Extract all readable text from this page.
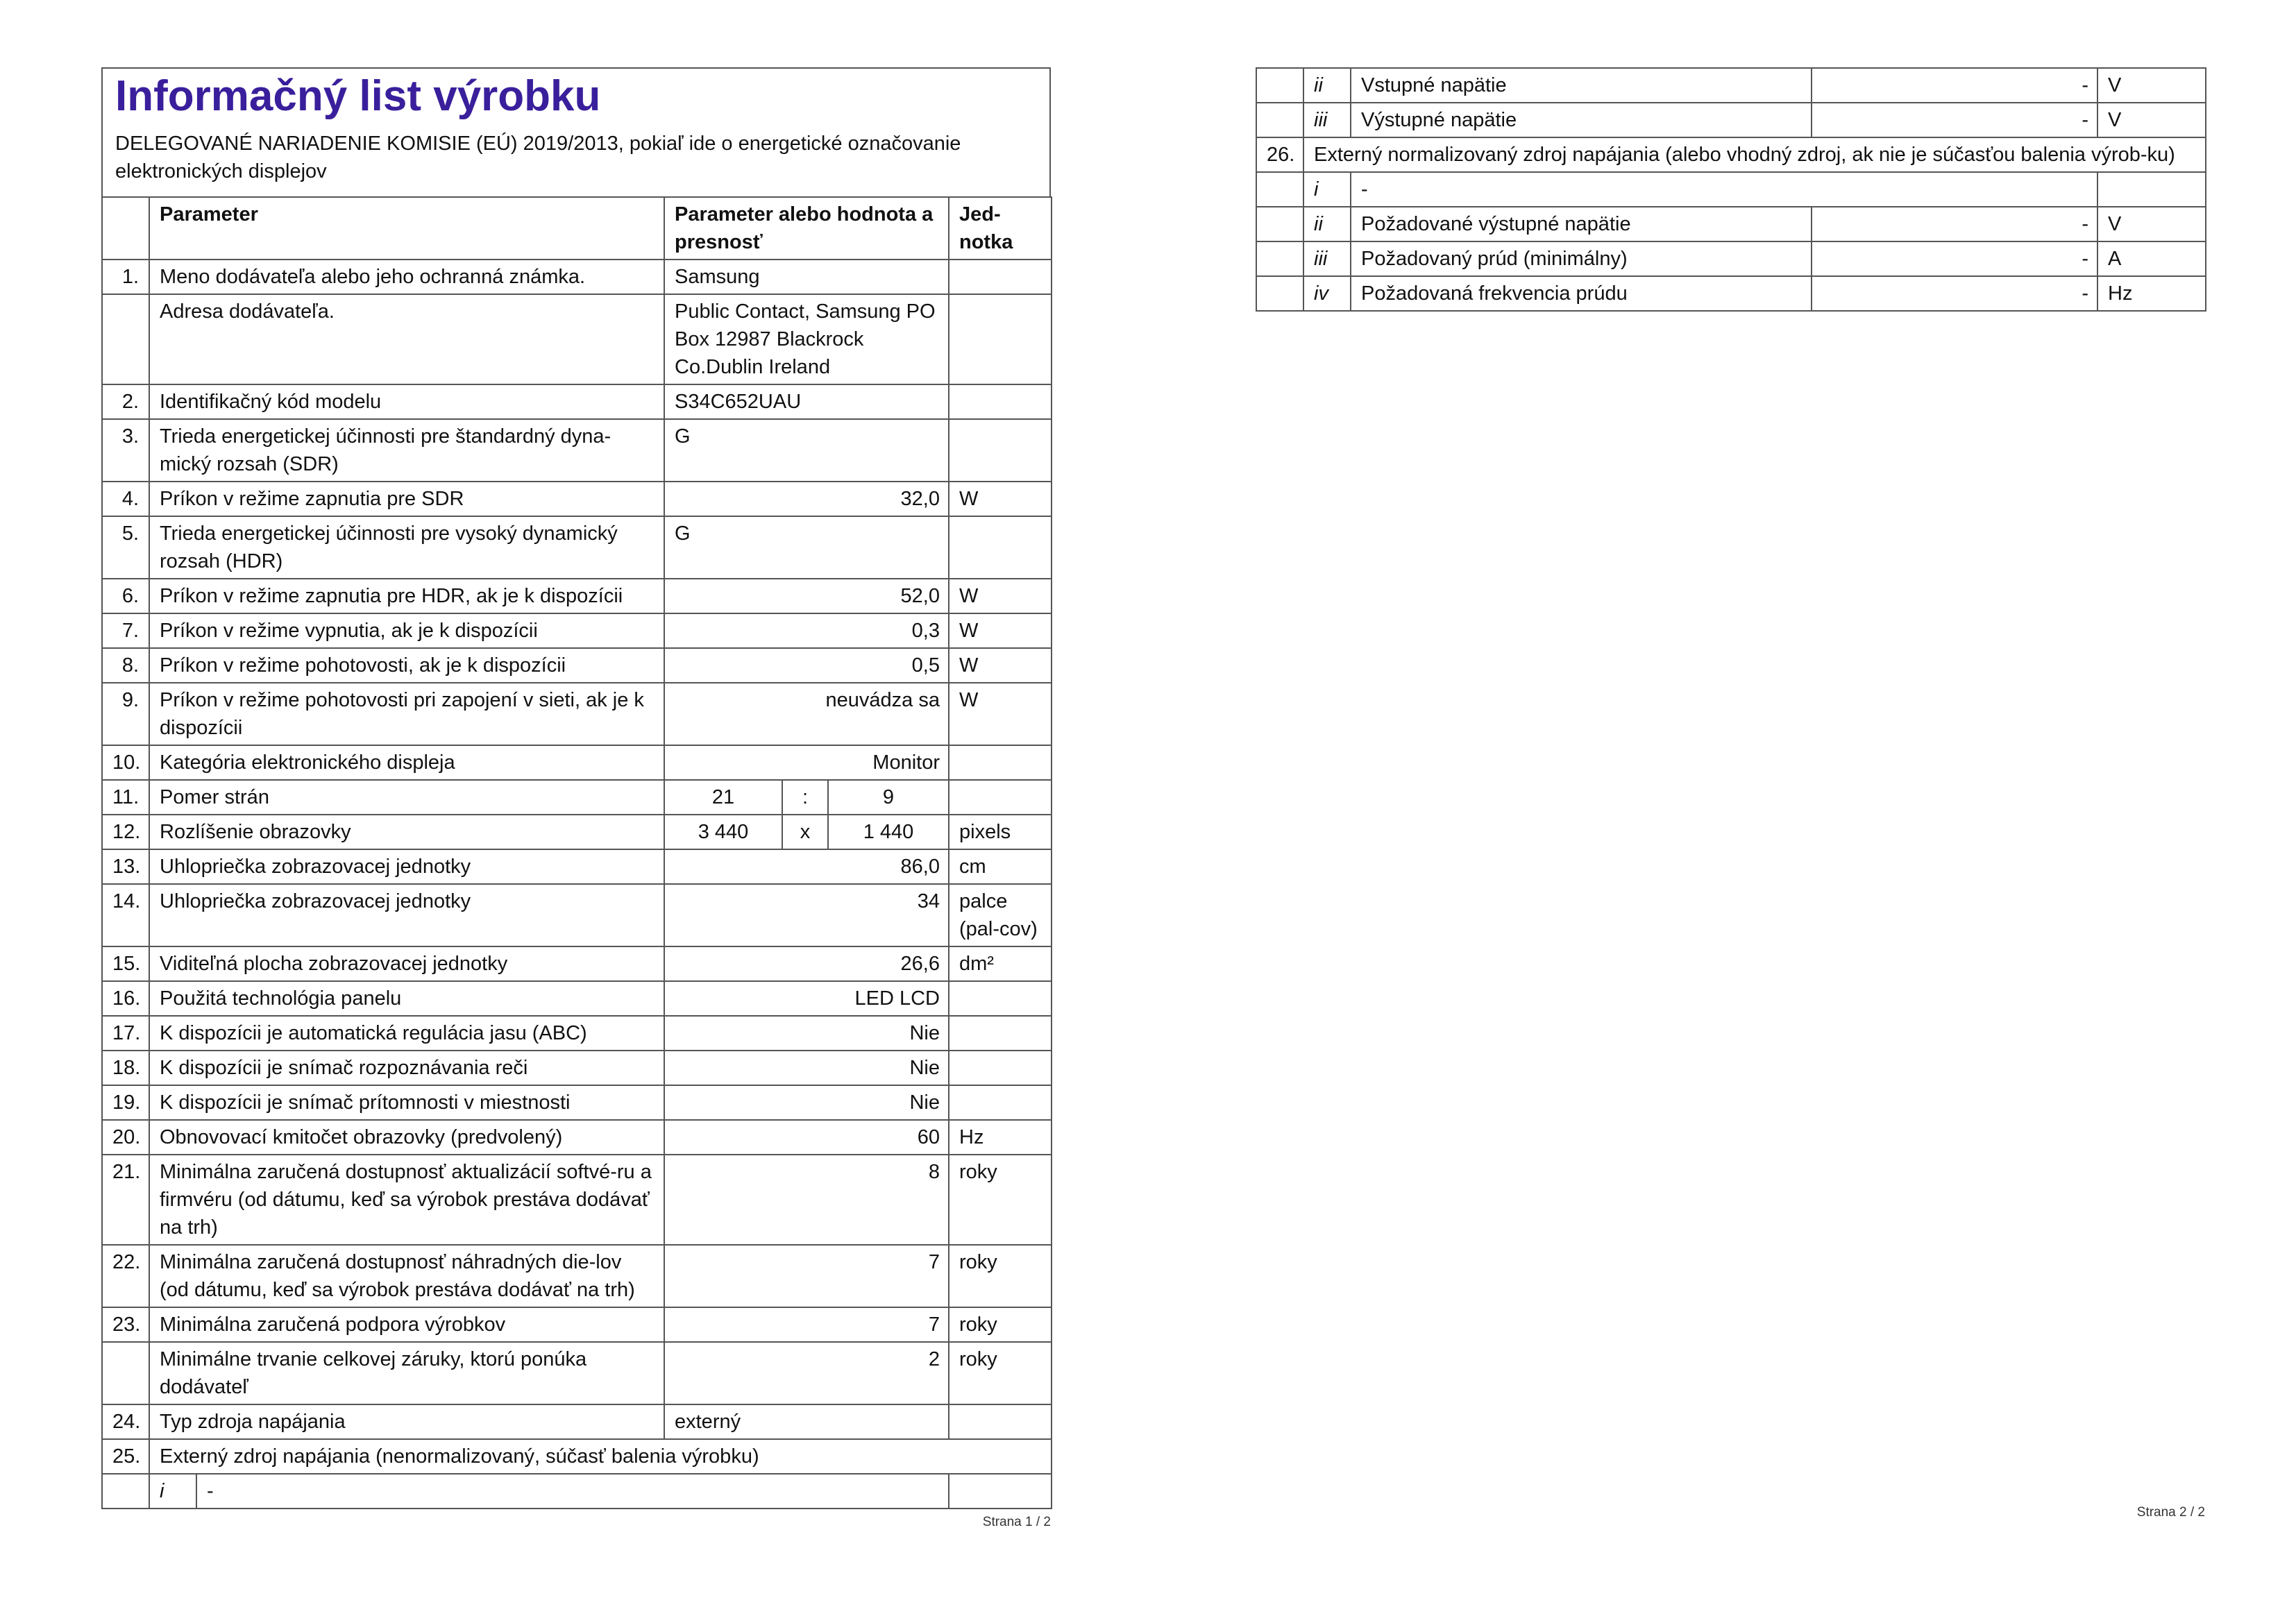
Informačný list výrobku
DELEGOVANÉ NARIADENIE KOMISIE (EÚ) 2019/2013, pokiaľ ide o energetické označovanie elektronických displejov
	Parameter		Parameter alebo hodnota a presnosť			Jed-notka
1.	Meno dodávateľa alebo jeho ochranná známka.		Samsung			
	Adresa dodávateľa.		Public Contact, Samsung PO Box 12987 Blackrock Co.Dublin Ireland			
2.	Identifikačný kód modelu		S34C652UAU			
3.	Trieda energetickej účinnosti pre štandardný dyna-mický rozsah (SDR)		G			
4.	Príkon v režime zapnutia pre SDR		32,0			W
5.	Trieda energetickej účinnosti pre vysoký dynamický rozsah (HDR)		G			
6.	Príkon v režime zapnutia pre HDR, ak je k dispozícii		52,0			W
7.	Príkon v režime vypnutia, ak je k dispozícii		0,3			W
8.	Príkon v režime pohotovosti, ak je k dispozícii		0,5			W
9.	Príkon v režime pohotovosti pri zapojení v sieti, ak je k dispozícii		neuvádza sa			W
10.	Kategória elektronického displeja		Monitor			
11.	Pomer strán		21	:	9	
12.	Rozlíšenie obrazovky		3 440	x	1 440	pixels
13.	Uhlopriečka zobrazovacej jednotky		86,0			cm
14.	Uhlopriečka zobrazovacej jednotky		34			palce (pal-cov)
15.	Viditeľná plocha zobrazovacej jednotky		26,6			dm²
16.	Použitá technológia panelu		LED LCD			
17.	K dispozícii je automatická regulácia jasu (ABC)		Nie			
18.	K dispozícii je snímač rozpoznávania reči		Nie			
19.	K dispozícii je snímač prítomnosti v miestnosti		Nie			
20.	Obnovovací kmitočet obrazovky (predvolený)		60			Hz
21.	Minimálna zaručená dostupnosť aktualizácií softvé-ru a firmvéru (od dátumu, keď sa výrobok prestáva dodávať na trh)		8			roky
22.	Minimálna zaručená dostupnosť náhradných die-lov (od dátumu, keď sa výrobok prestáva dodávať na trh)		7			roky
23.	Minimálna zaručená podpora výrobkov		7			roky
	Minimálne trvanie celkovej záruky, ktorú ponúka dodávateľ		2			roky
24.	Typ zdroja napájania		externý			
25.	Externý zdroj napájania (nenormalizovaný, súčasť balenia výrobku)					
	i	-				
Strana 1 / 2
	ii	Vstupné napätie	-	V
	iii	Výstupné napätie	-	V
26.	Externý normalizovaný zdroj napájania (alebo vhodný zdroj, ak nie je súčasťou balenia výrob-ku)			
	i	-		
	ii	Požadované výstupné napätie	-	V
	iii	Požadovaný prúd (minimálny)	-	A
	iv	Požadovaná frekvencia prúdu	-	Hz
Strana 2 / 2
